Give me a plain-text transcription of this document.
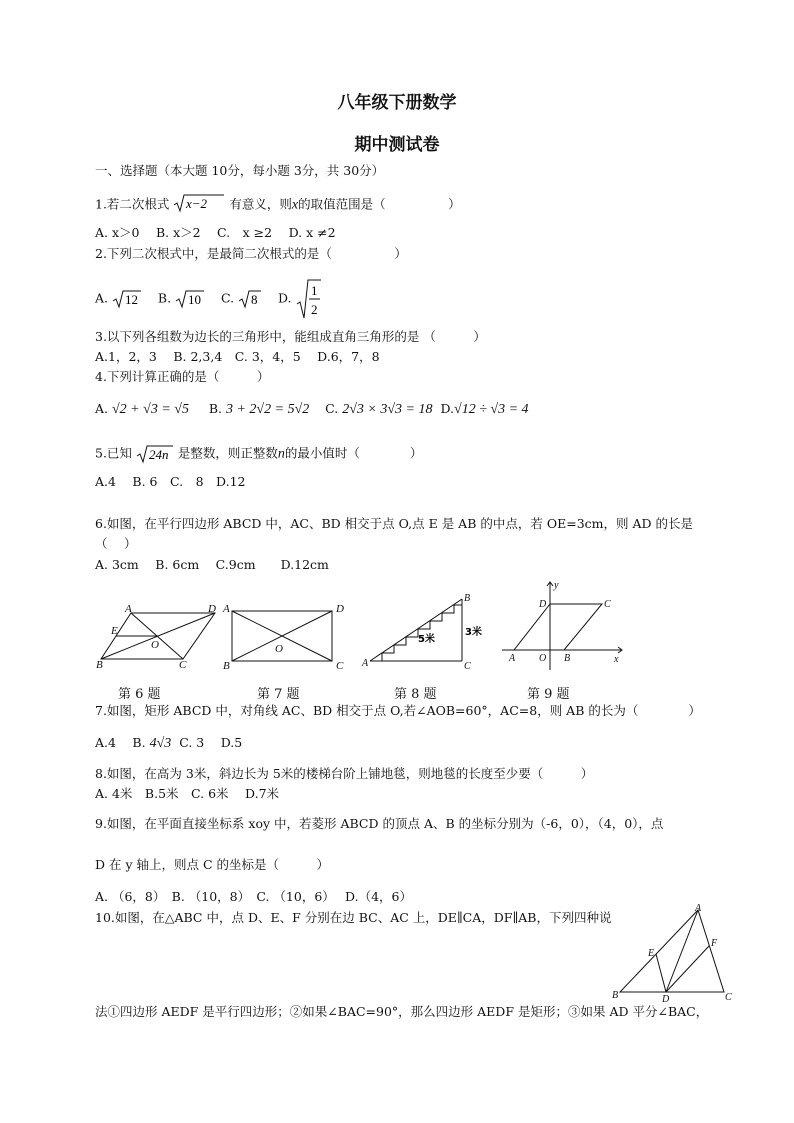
八年级下册数学
期中测试卷
一、选择题（本大题 10分，每小题 3分，共 30分）
1.若二次根式 x−2 有意义，则x的取值范围是（　　　　　）
A. x＞0　 B. x＞2　 C.　x ≥2　 D. x ≠2
2.下列二次根式中，是最简二次根式的是（　　　　　）
A. 12 B. 10 C. 8 D. 1
2
3.以下列各组数为边长的三角形中，能组成直角三角形的是 （　　　）
A.1，2，3　 B. 2,3,4　C. 3，4，5　 D.6，7，8
4.下列计算正确的是（　　　）
A. √2 + √3 = √5 B. 3 + 2√2 = 5√2 C. 2√3 × 3√3 = 18 D.√12 ÷ √3 = 4
5.已知 24n 是整数，则正整数n的最小值时（　　　　）
A.4　 B. 6　C.　8　D.12
6.如图，在平行四边形 ABCD 中，AC、BD 相交于点 O,点 E 是 AB 的中点，若 OE=3cm，则 AD 的长是
（　 ）
A. 3cm　 B. 6cm　 C.9cm　　D.12cm
A	D
B	C
E
O
第 6 题
A	D
B	C
O
第 7 题
A	C
B
5米
3米
第 8 题
y
x
A O B
D	C
第 9 题
7.如图，矩形 ABCD 中，对角线 AC、BD 相交于点 O,若∠AOB=60°，AC=8，则 AB 的长为（　　　　）
A.4　 B. 4√3 C. 3　 D.5
8.如图，在高为 3米，斜边长为 5米的楼梯台阶上铺地毯，则地毯的长度至少要（　　　）
A. 4米　B.5米　C. 6米　 D.7米
9.如图，在平面直接坐标系 xoy 中，若菱形 ABCD 的顶点 A、B 的坐标分别为（-6，0），（4，0），点
D 在 y 轴上，则点 C 的坐标是（　　　）
A. （6，8）　B. （10，8）　C. （10，6）　 D.（4，6）
10.如图，在△ABC 中，点 D、E、F 分别在边 BC、AC 上，DE∥CA，DF∥AB，下列四种说
A
B	D	C
E
F
法①四边形 AEDF 是平行四边形；②如果∠BAC=90°，那么四边形 AEDF 是矩形；③如果 AD 平分∠BAC，
